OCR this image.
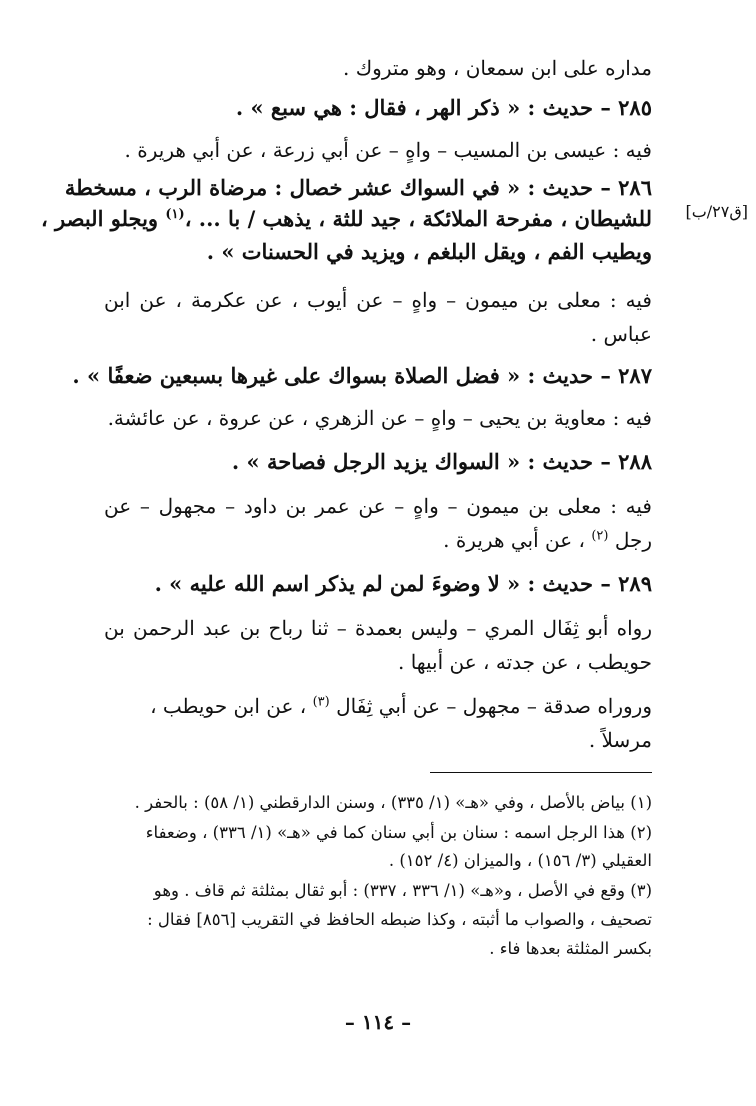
مداره على ابن سمعان ، وهو متروك .
٢٨٥ – حديث : « ذكر الهر ، فقال : هي سبع » .
فيه : عيسى بن المسيب – واهٍ – عن أبي زرعة ، عن أبي هريرة .
٢٨٦ – حديث : « في السواك عشر خصال : مرضاة الرب ، مسخطة
للشيطان ، مفرحة الملائكة ، جيد للثة ، يذهب / با ... ،$^{(١)}$ ويجلو البصر ،	[ق٢٧/ب]
ويطيب الفم ، ويقل البلغم ، ويزيد في الحسنات » .
فيه : معلى بن ميمون – واهٍ – عن أيوب ، عن عكرمة ، عن ابن
عباس .
٢٨٧ – حديث : « فضل الصلاة بسواك على غيرها بسبعين ضعفًا » .
فيه : معاوية بن يحيى – واهٍ – عن الزهري ، عن عروة ، عن عائشة.
٢٨٨ – حديث : « السواك يزيد الرجل فصاحة » .
فيه : معلى بن ميمون – واهٍ – عن عمر بن داود – مجهول – عن
رجل $^{(٢)}$ ، عن أبي هريرة .
٢٨٩ – حديث : « لا وضوءَ لمن لم يذكر اسم الله عليه » .
رواه أبو ثِفَال المري – وليس بعمدة – ثنا رباح بن عبد الرحمن بن
حويطب ، عن جدته ، عن أبيها .
وروراه صدقة – مجهول – عن أبي ثِفَال $^{(٣)}$ ، عن ابن حويطب ،
مرسلاً .
(١) بياض بالأصل ، وفي «هـ» (١/ ٣٣٥) ، وسنن الدارقطني (١/ ٥٨) : بالحفر .
(٢) هذا الرجل اسمه : سنان بن أبي سنان كما في «هـ» (١/ ٣٣٦) ، وضعفاء
العقيلي (٣/ ١٥٦) ، والميزان (٤/ ١٥٢) .
(٣) وقع في الأصل ، و«هـ» (١/ ٣٣٦ ، ٣٣٧) : أبو ثقال بمثلثة ثم قاف . وهو
تصحيف ، والصواب ما أثبته ، وكذا ضبطه الحافظ في التقريب [٨٥٦] فقال :
بكسر المثلثة بعدها فاء .
– ١١٤ –
